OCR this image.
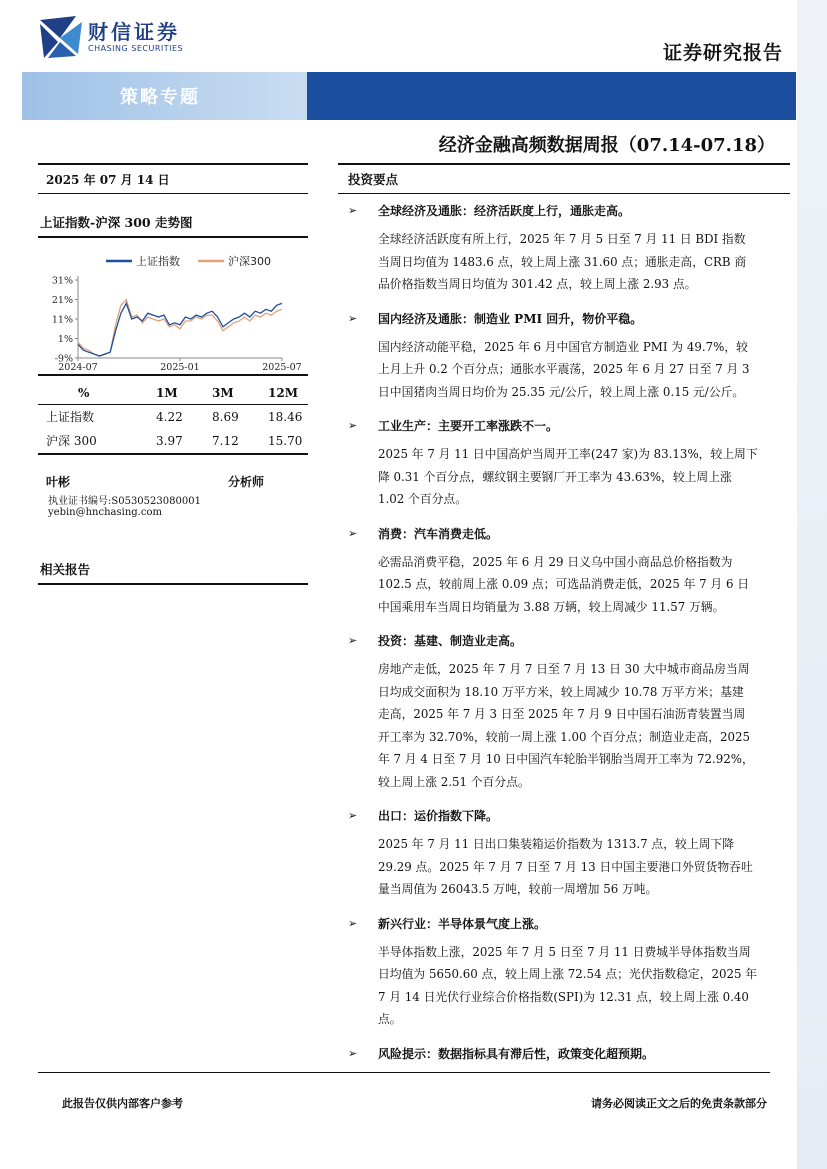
财信证券
CHASING SECURITIES	证券研究报告
策略专题
经济金融高频数据周报（07.14-07.18）
2025 年 07 月 14 日
上证指数-沪深 300 走势图
上证指数	沪深300
31%
21%
11%
1%
-9%
2024-07	2025-01	2025-07
%	1M	3M	12M
上证指数	4.22	8.69	18.46
沪深 300	3.97	7.12	15.70
叶彬	分析师
执业证书编号:S0530523080001
yebin@hnchasing.com
相关报告
投资要点
➢ 全球经济及通胀：经济活跃度上行，通胀走高。
全球经济活跃度有所上行，2025 年 7 月 5 日至 7 月 11 日 BDI 指数
当周日均值为 1483.6 点，较上周上涨 31.60 点；通胀走高，CRB 商
品价格指数当周日均值为 301.42 点，较上周上涨 2.93 点。
➢ 国内经济及通胀：制造业 PMI 回升，物价平稳。
国内经济动能平稳，2025 年 6 月中国官方制造业 PMI 为 49.7%，较
上月上升 0.2 个百分点；通胀水平震荡，2025 年 6 月 27 日至 7 月 3
日中国猪肉当周日均价为 25.35 元/公斤，较上周上涨 0.15 元/公斤。
➢ 工业生产：主要开工率涨跌不一。
2025 年 7 月 11 日中国高炉当周开工率(247 家)为 83.13%，较上周下
降 0.31 个百分点，螺纹钢主要钢厂开工率为 43.63%，较上周上涨
1.02 个百分点。
➢ 消费：汽车消费走低。
必需品消费平稳，2025 年 6 月 29 日义乌中国小商品总价格指数为
102.5 点，较前周上涨 0.09 点；可选品消费走低，2025 年 7 月 6 日
中国乘用车当周日均销量为 3.88 万辆，较上周减少 11.57 万辆。
➢ 投资：基建、制造业走高。
房地产走低，2025 年 7 月 7 日至 7 月 13 日 30 大中城市商品房当周
日均成交面积为 18.10 万平方米，较上周减少 10.78 万平方米；基建
走高，2025 年 7 月 3 日至 2025 年 7 月 9 日中国石油沥青装置当周
开工率为 32.70%，较前一周上涨 1.00 个百分点；制造业走高，2025
年 7 月 4 日至 7 月 10 日中国汽车轮胎半钢胎当周开工率为 72.92%，
较上周上涨 2.51 个百分点。
➢ 出口：运价指数下降。
2025 年 7 月 11 日出口集装箱运价指数为 1313.7 点，较上周下降
29.29 点。2025 年 7 月 7 日至 7 月 13 日中国主要港口外贸货物吞吐
量当周值为 26043.5 万吨，较前一周增加 56 万吨。
➢ 新兴行业：半导体景气度上涨。
半导体指数上涨，2025 年 7 月 5 日至 7 月 11 日费城半导体指数当周
日均值为 5650.60 点，较上周上涨 72.54 点；光伏指数稳定，2025 年
7 月 14 日光伏行业综合价格指数(SPI)为 12.31 点，较上周上涨 0.40
点。
➢ 风险提示：数据指标具有滞后性，政策变化超预期。
此报告仅供内部客户参考	请务必阅读正文之后的免责条款部分
